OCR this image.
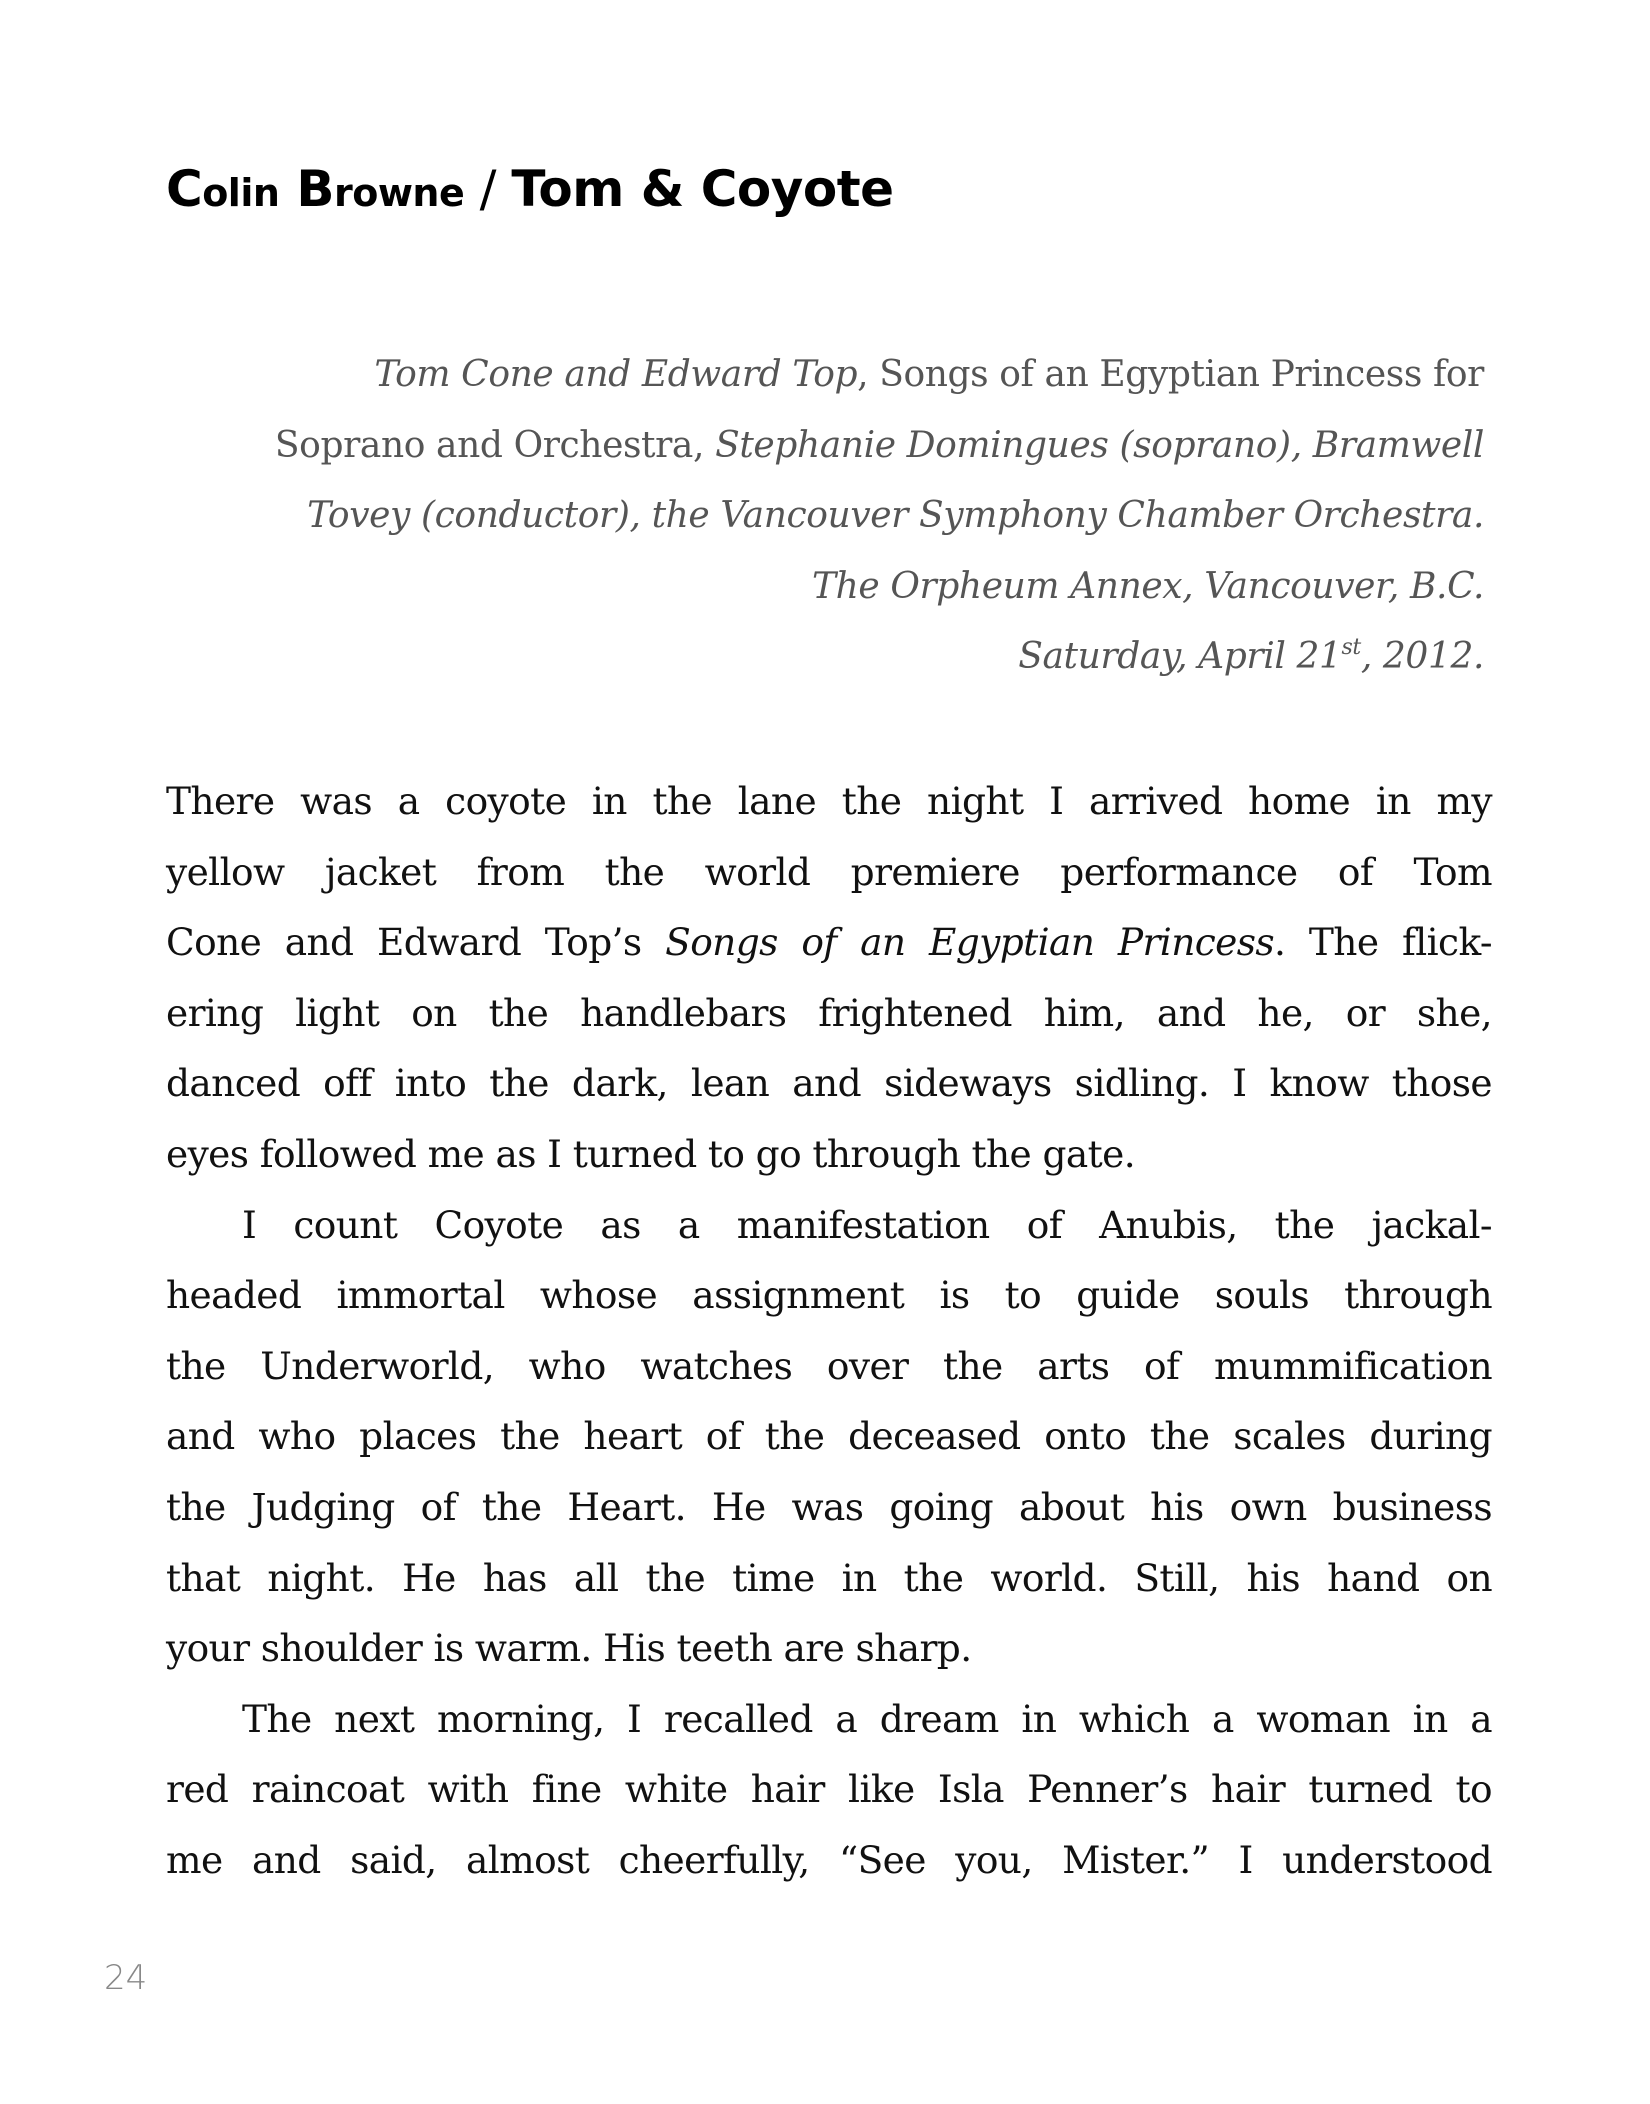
Colin Browne / Tom & Coyote
Tom Cone and Edward Top, Songs of an Egyptian Princess for
Soprano and Orchestra, Stephanie Domingues (soprano), Bramwell
Tovey (conductor), the Vancouver Symphony Chamber Orchestra.
The Orpheum Annex, Vancouver, B.C.
Saturday, April 21st, 2012.
There was a coyote in the lane the night I arrived home in my
yellow jacket from the world premiere performance of Tom
Cone and Edward Top’s Songs of an Egyptian Princess. The flick-
ering light on the handlebars frightened him, and he, or she,
danced off into the dark, lean and sideways sidling. I know those
eyes followed me as I turned to go through the gate.
I count Coyote as a manifestation of Anubis, the jackal-
headed immortal whose assignment is to guide souls through
the Underworld, who watches over the arts of mummification
and who places the heart of the deceased onto the scales during
the Judging of the Heart. He was going about his own business
that night. He has all the time in the world. Still, his hand on
your shoulder is warm. His teeth are sharp.
The next morning, I recalled a dream in which a woman in a
red raincoat with fine white hair like Isla Penner’s hair turned to
me and said, almost cheerfully, “See you, Mister.” I understood
24
